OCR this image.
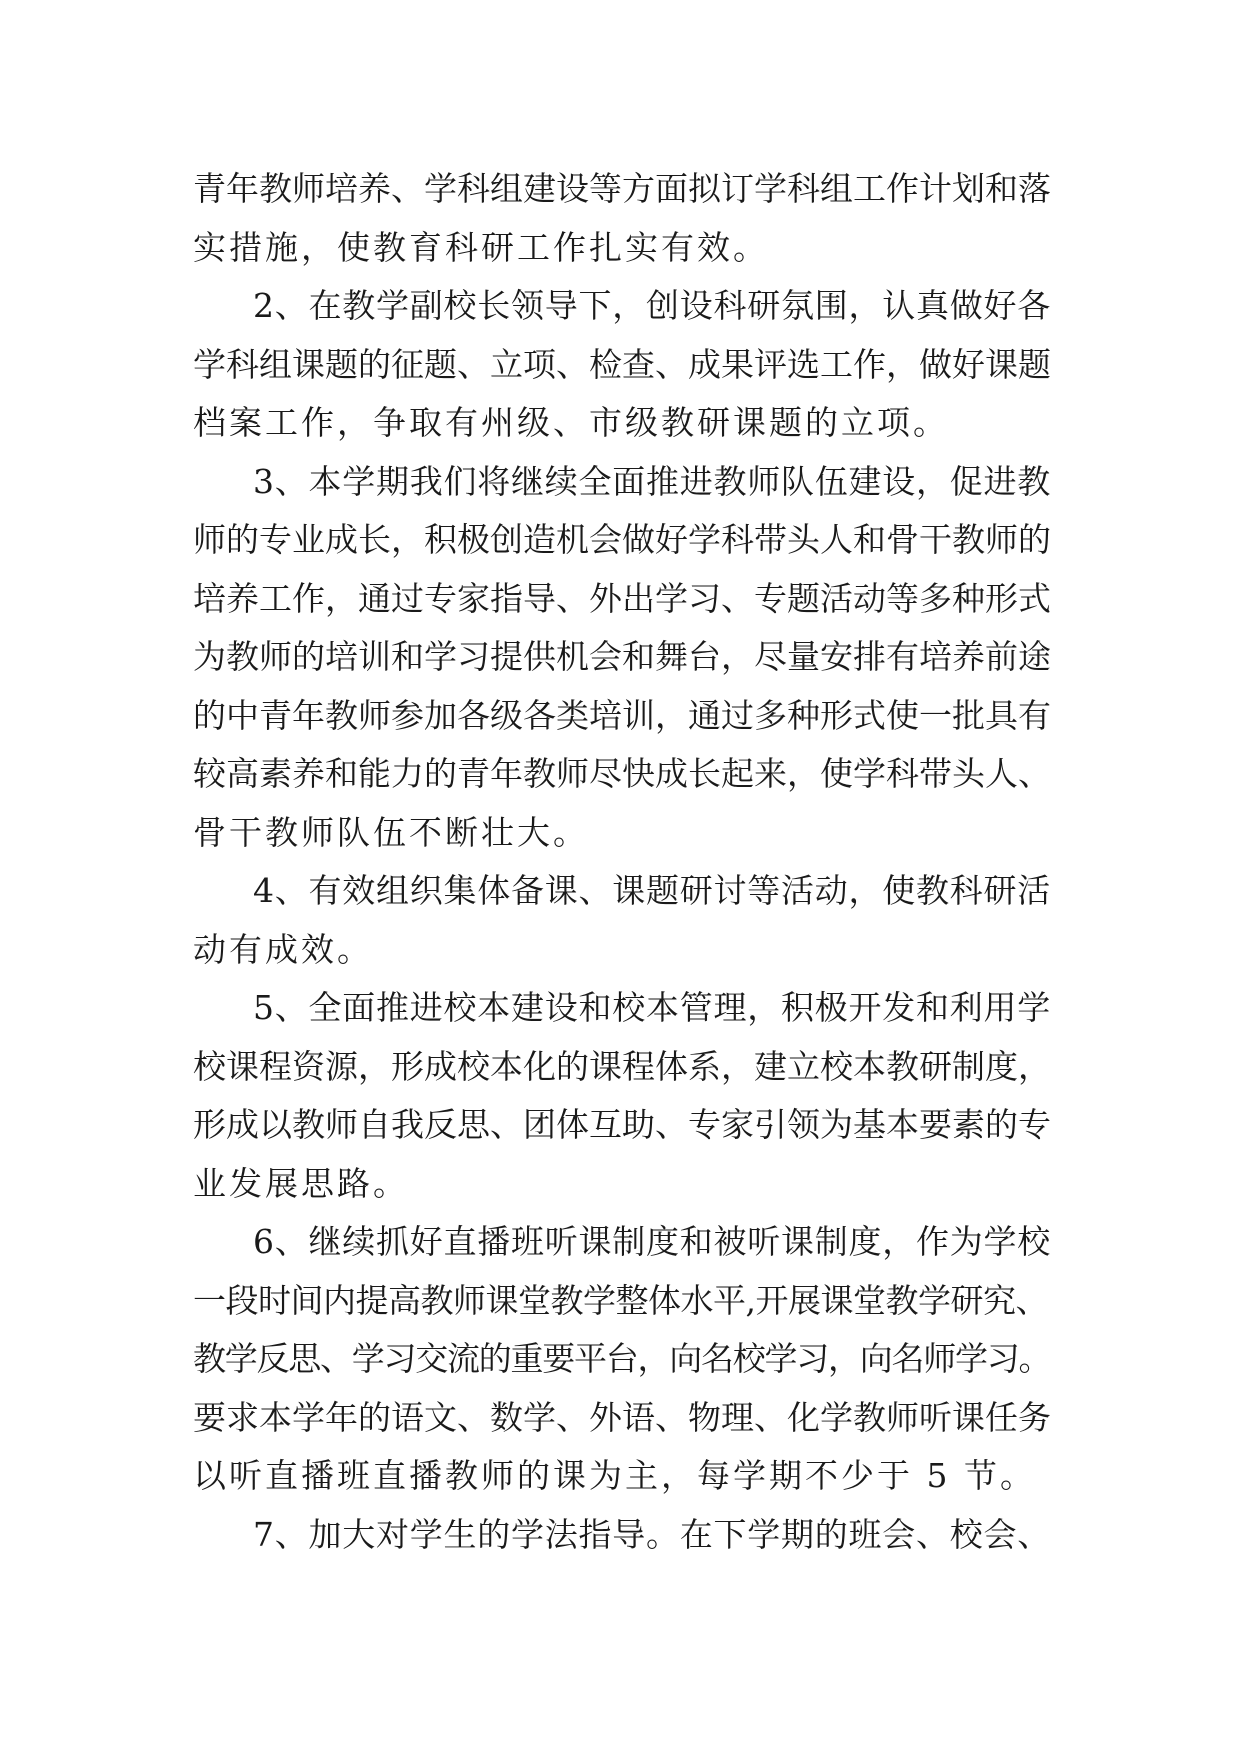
青年教师培养、学科组建设等方面拟订学科组工作计划和落
实措施，使教育科研工作扎实有效。
2、在教学副校长领导下，创设科研氛围，认真做好各
学科组课题的征题、立项、检查、成果评选工作，做好课题
档案工作，争取有州级、市级教研课题的立项。
3、本学期我们将继续全面推进教师队伍建设，促进教
师的专业成长，积极创造机会做好学科带头人和骨干教师的
培养工作，通过专家指导、外出学习、专题活动等多种形式
为教师的培训和学习提供机会和舞台，尽量安排有培养前途
的中青年教师参加各级各类培训，通过多种形式使一批具有
较高素养和能力的青年教师尽快成长起来，使学科带头人、
骨干教师队伍不断壮大。
4、有效组织集体备课、课题研讨等活动，使教科研活
动有成效。
5、全面推进校本建设和校本管理，积极开发和利用学
校课程资源，形成校本化的课程体系，建立校本教研制度，
形成以教师自我反思、团体互助、专家引领为基本要素的专
业发展思路。
6、继续抓好直播班听课制度和被听课制度，作为学校
一段时间内提高教师课堂教学整体水平,开展课堂教学研究、
教学反思、学习交流的重要平台，向名校学习，向名师学习。
要求本学年的语文、数学、外语、物理、化学教师听课任务
以听直播班直播教师的课为主，每学期不少于 5 节。
7、加大对学生的学法指导。在下学期的班会、校会、
